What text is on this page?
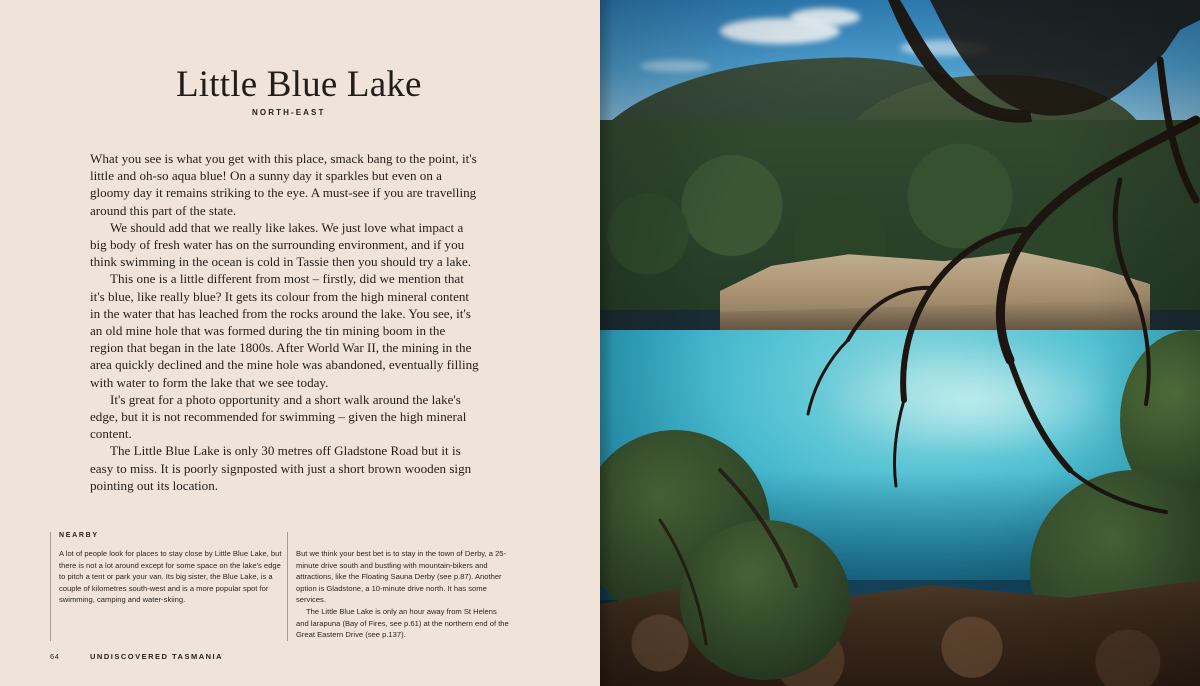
Little Blue Lake
NORTH-EAST

What you see is what you get with this place, smack bang to the point, it's little and oh-so aqua blue! On a sunny day it sparkles but even on a gloomy day it remains striking to the eye. A must-see if you are travelling around this part of the state.

We should add that we really like lakes. We just love what impact a big body of fresh water has on the surrounding environment, and if you think swimming in the ocean is cold in Tassie then you should try a lake.

This one is a little different from most – firstly, did we mention that it's blue, like really blue? It gets its colour from the high mineral content in the water that has leached from the rocks around the lake. You see, it's an old mine hole that was formed during the tin mining boom in the region that began in the late 1800s. After World War II, the mining in the area quickly declined and the mine hole was abandoned, eventually filling with water to form the lake that we see today.

It's great for a photo opportunity and a short walk around the lake's edge, but it is not recommended for swimming – given the high mineral content.

The Little Blue Lake is only 30 metres off Gladstone Road but it is easy to miss. It is poorly signposted with just a short brown wooden sign pointing out its location.

NEARBY

A lot of people look for places to stay close by Little Blue Lake, but there is not a lot around except for some space on the lake's edge to pitch a tent or park your van. Its big sister, the Blue Lake, is a couple of kilometres south-west and is a more popular spot for swimming, camping and water-skiing.

But we think your best bet is to stay in the town of Derby, a 25-minute drive south and bustling with mountain-bikers and attractions, like the Floating Sauna Derby (see p.87). Another option is Gladstone, a 10-minute drive north. It has some services.

The Little Blue Lake is only an hour away from St Helens and larapuna (Bay of Fires, see p.61) at the northern end of the Great Eastern Drive (see p.137).

64	UNDISCOVERED TASMANIA
